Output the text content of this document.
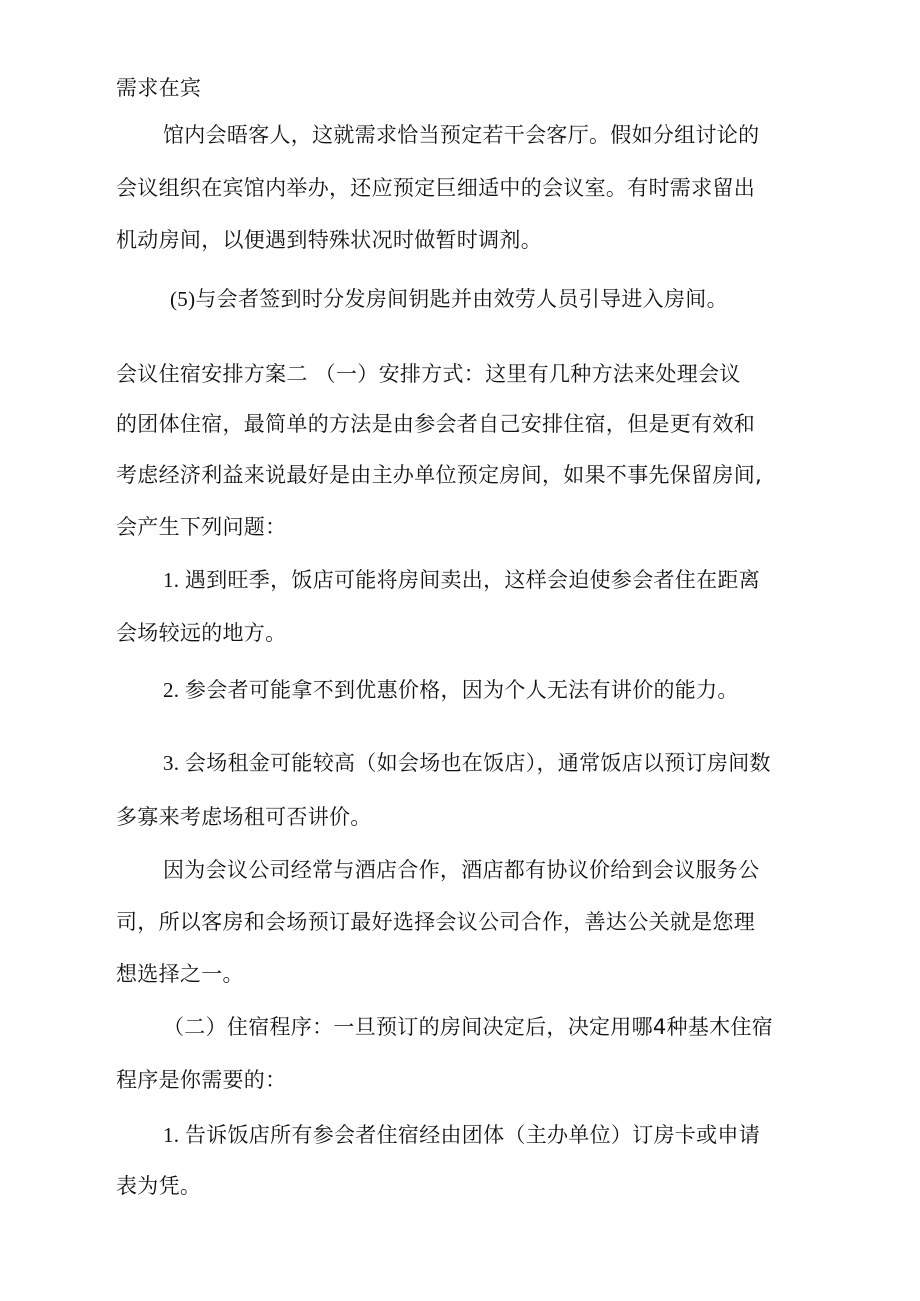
需求在宾
馆内会晤客人，这就需求恰当预定若干会客厅。假如分组讨论的
会议组织在宾馆内举办，还应预定巨细适中的会议室。有时需求留出
机动房间，以便遇到特殊状况时做暂时调剂。
(5)与会者签到时分发房间钥匙并由效劳人员引导进入房间。
会议住宿安排方案二 （一）安排方式：这里有几种方法来处理会议
的团体住宿，最简单的方法是由参会者自己安排住宿，但是更有效和
考虑经济利益来说最好是由主办单位预定房间，如果不事先保留房间,
会产生下列问题：
1. 遇到旺季，饭店可能将房间卖出，这样会迫使参会者住在距离
会场较远的地方。
2. 参会者可能拿不到优惠价格，因为个人无法有讲价的能力。
3. 会场租金可能较高（如会场也在饭店），通常饭店以预订房间数
多寡来考虑场租可否讲价。
因为会议公司经常与酒店合作，酒店都有协议价给到会议服务公
司，所以客房和会场预订最好选择会议公司合作，善达公关就是您理
想选择之一。
（二）住宿程序：一旦预订的房间决定后，决定用哪4种基木住宿
程序是你需要的：
1. 告诉饭店所有参会者住宿经由团体（主办单位）订房卡或申请
表为凭。
